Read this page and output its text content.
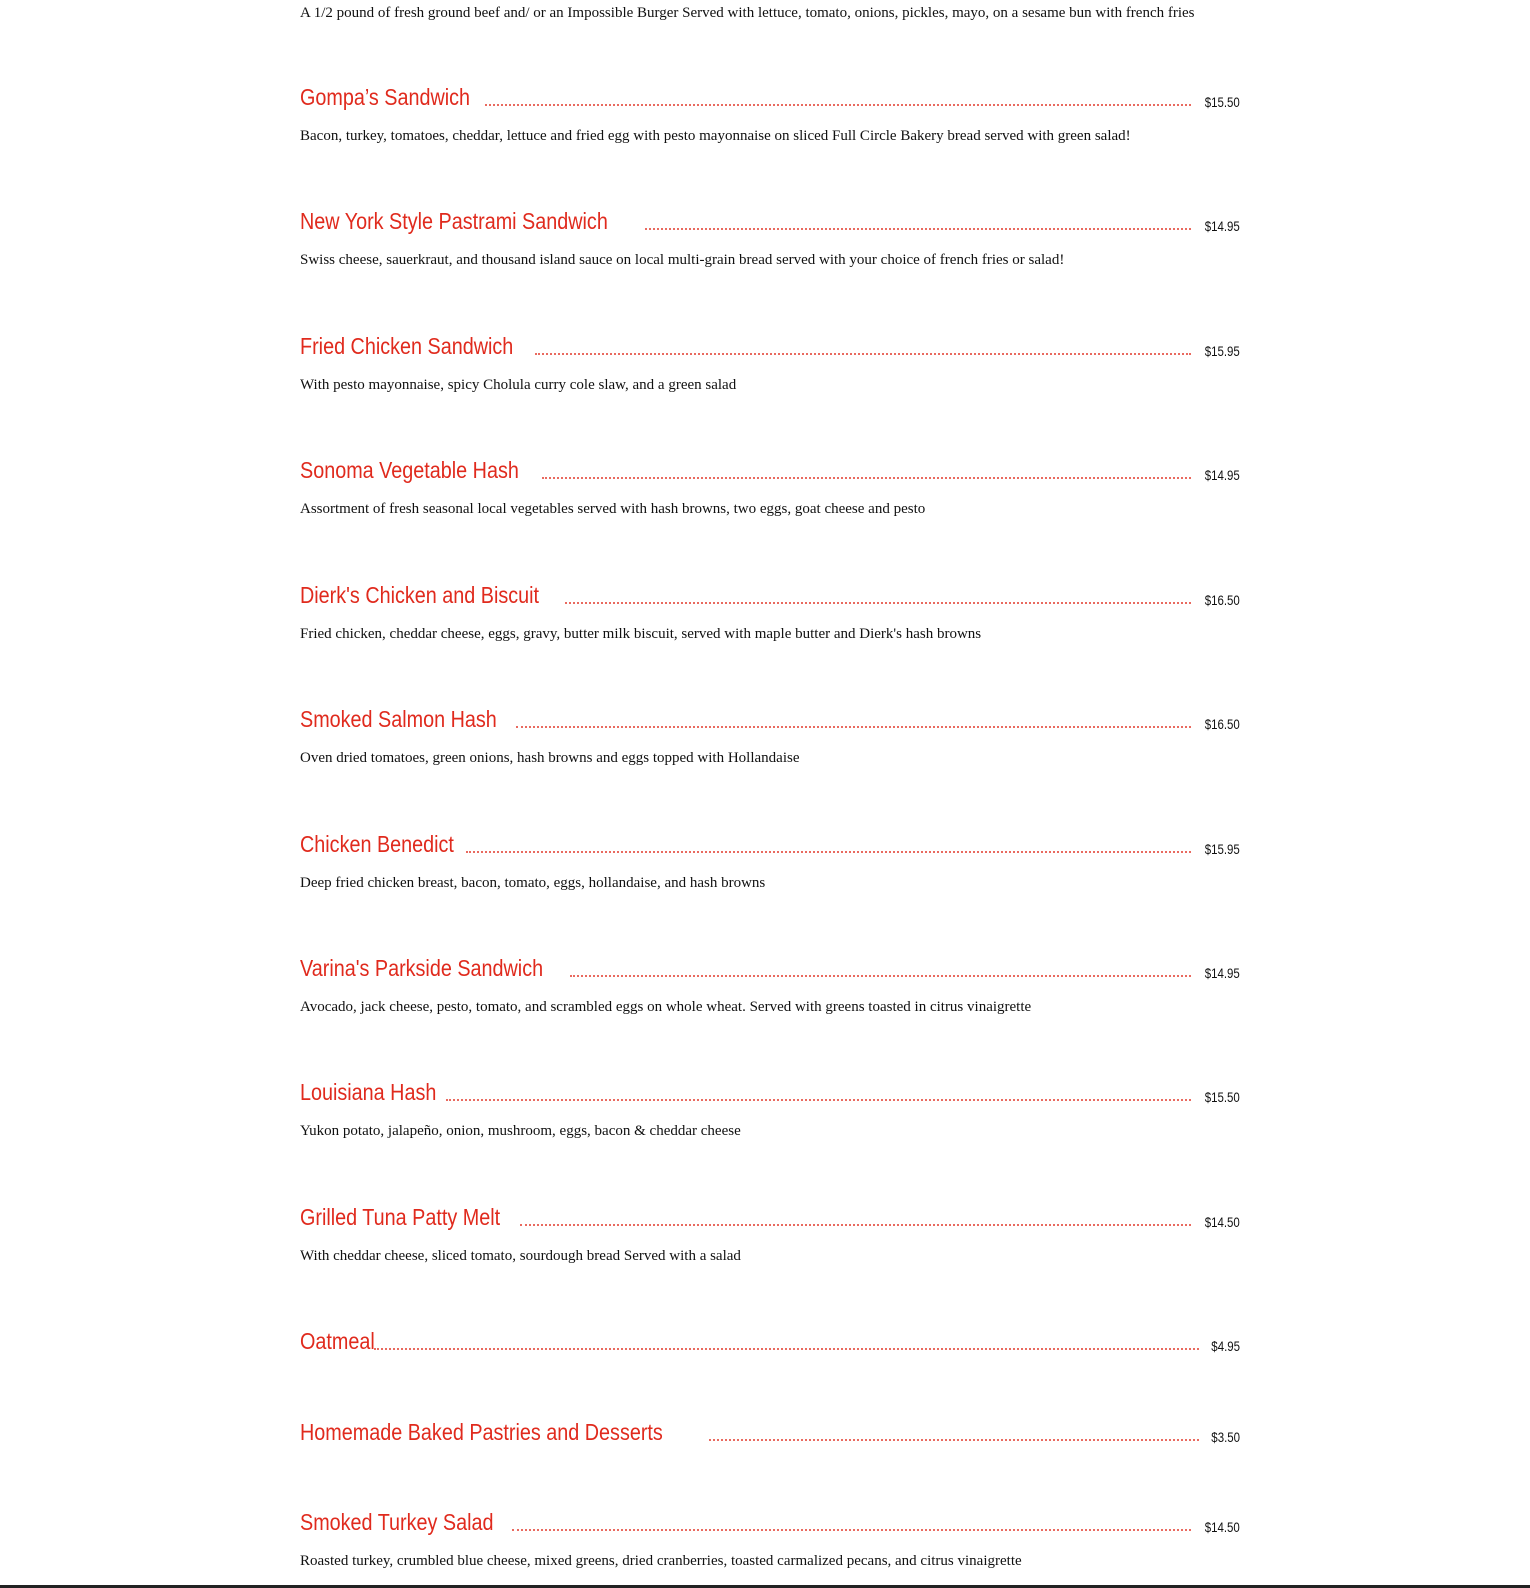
A 1/2 pound of fresh ground beef and/ or an Impossible Burger Served with lettuce, tomato, onions, pickles, mayo, on a sesame bun with french fries
Gompa’s Sandwich	$15.50
Bacon, turkey, tomatoes, cheddar, lettuce and fried egg with pesto mayonnaise on sliced Full Circle Bakery bread served with green salad!
New York Style Pastrami Sandwich	$14.95
Swiss cheese, sauerkraut, and thousand island sauce on local multi-grain bread served with your choice of french fries or salad!
Fried Chicken Sandwich	$15.95
With pesto mayonnaise, spicy Cholula curry cole slaw, and a green salad
Sonoma Vegetable Hash	$14.95
Assortment of fresh seasonal local vegetables served with hash browns, two eggs, goat cheese and pesto
Dierk's Chicken and Biscuit	$16.50
Fried chicken, cheddar cheese, eggs, gravy, butter milk biscuit, served with maple butter and Dierk's hash browns
Smoked Salmon Hash	$16.50
Oven dried tomatoes, green onions, hash browns and eggs topped with Hollandaise
Chicken Benedict	$15.95
Deep fried chicken breast, bacon, tomato, eggs, hollandaise, and hash browns
Varina's Parkside Sandwich	$14.95
Avocado, jack cheese, pesto, tomato, and scrambled eggs on whole wheat. Served with greens toasted in citrus vinaigrette
Louisiana Hash	$15.50
Yukon potato, jalapeño, onion, mushroom, eggs, bacon & cheddar cheese
Grilled Tuna Patty Melt	$14.50
With cheddar cheese, sliced tomato, sourdough bread Served with a salad
Oatmeal	$4.95
Homemade Baked Pastries and Desserts	$3.50
Smoked Turkey Salad	$14.50
Roasted turkey, crumbled blue cheese, mixed greens, dried cranberries, toasted carmalized pecans, and citrus vinaigrette
